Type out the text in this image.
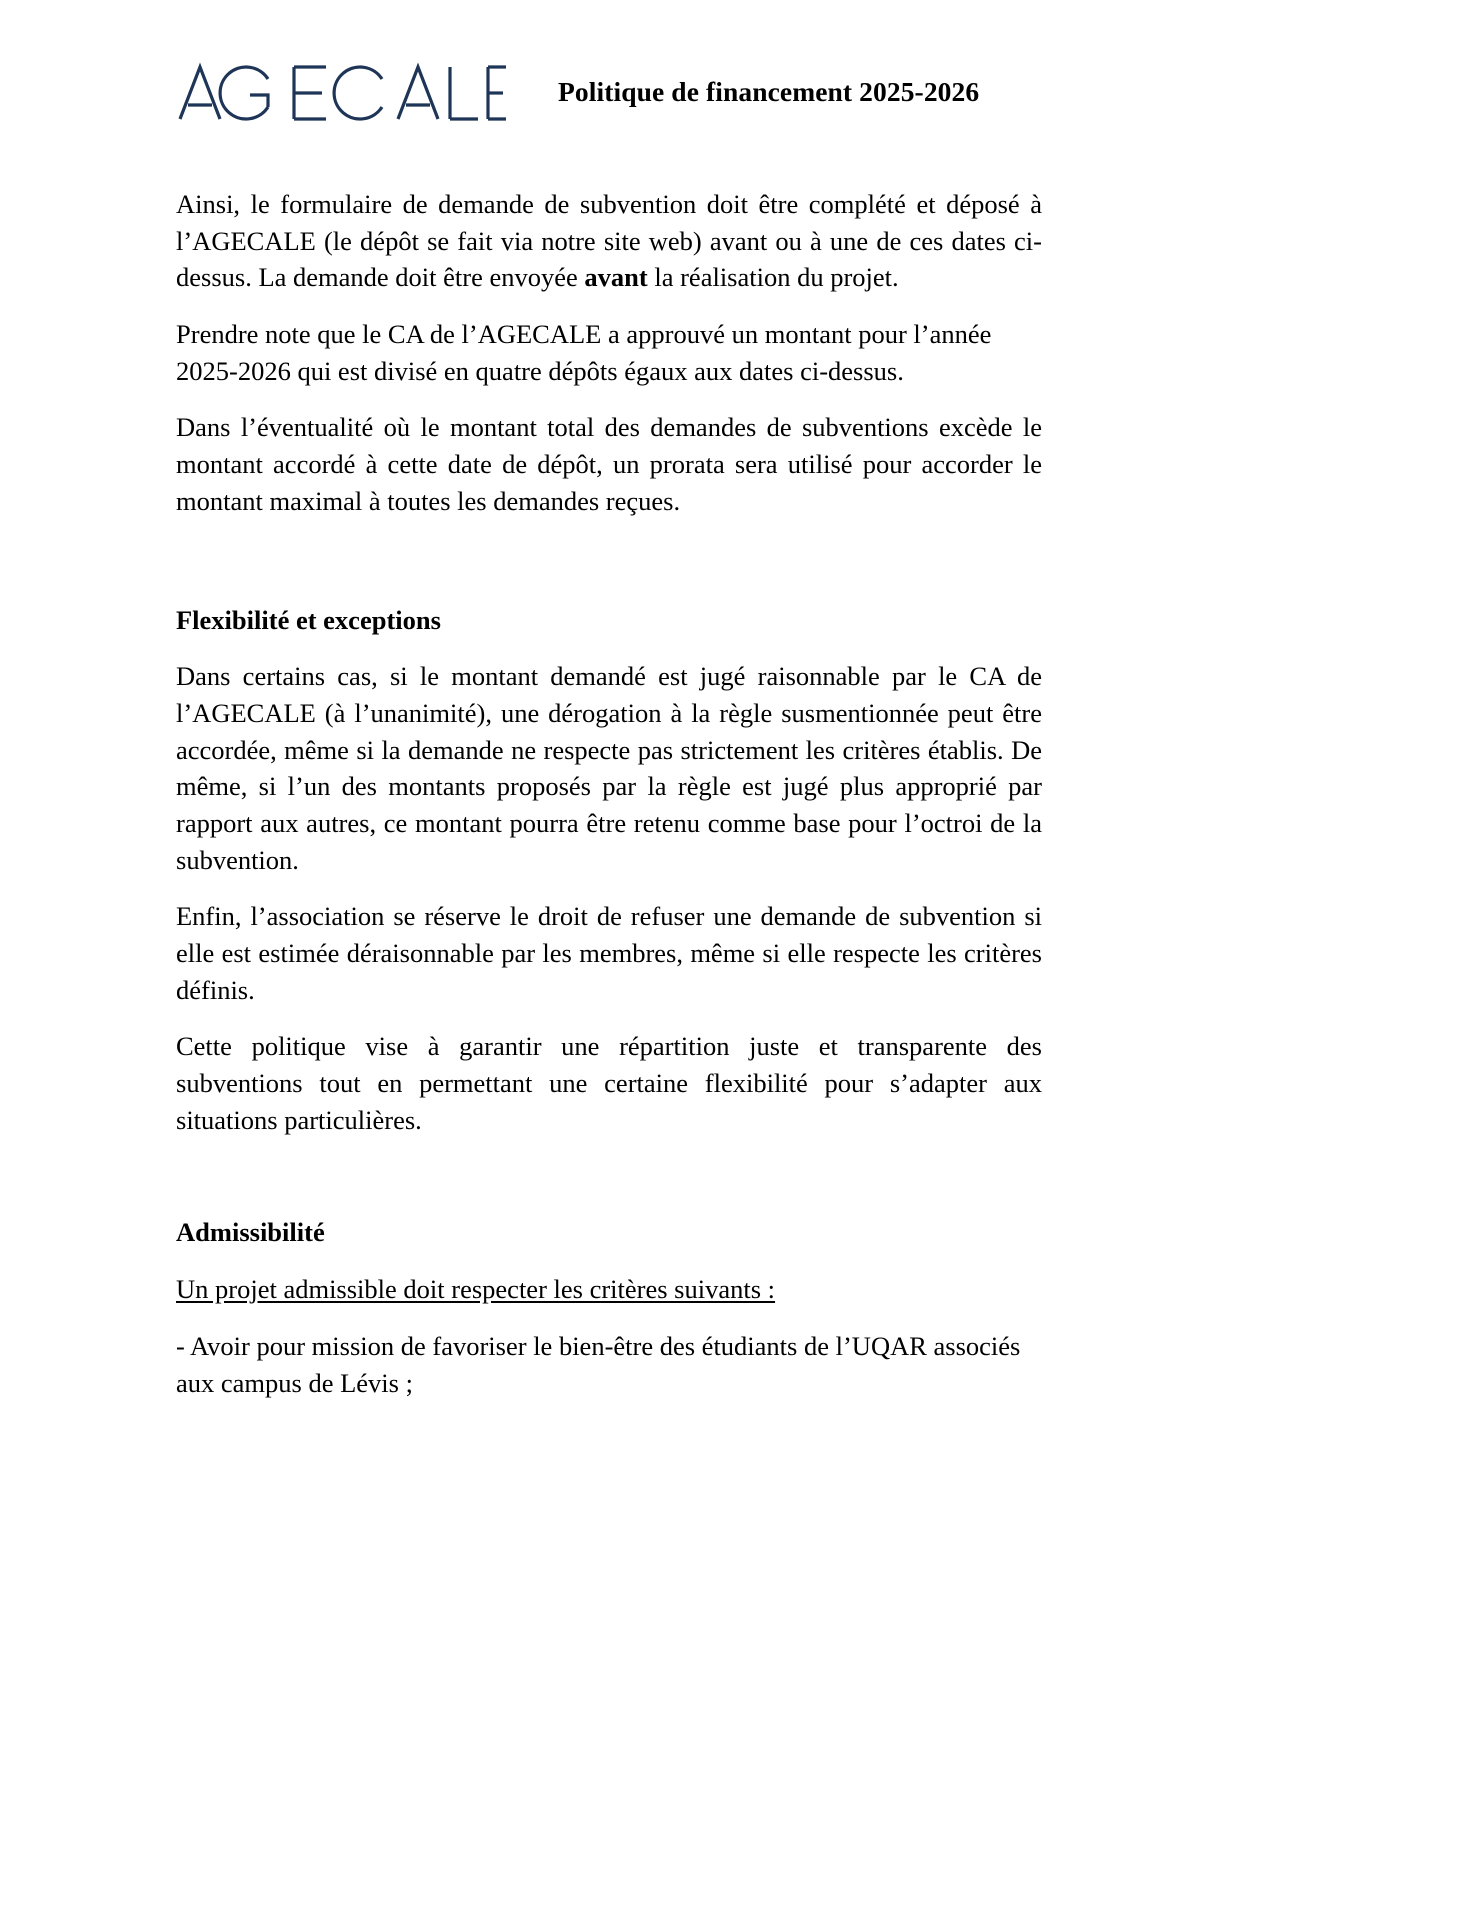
Politique de financement 2025-2026

Ainsi, le formulaire de demande de subvention doit être complété et déposé à l’AGECALE (le dépôt se fait via notre site web) avant ou à une de ces dates ci-dessus. La demande doit être envoyée avant la réalisation du projet.

Prendre note que le CA de l’AGECALE a approuvé un montant pour l’année 2025-2026 qui est divisé en quatre dépôts égaux aux dates ci-dessus.

Dans l’éventualité où le montant total des demandes de subventions excède le montant accordé à cette date de dépôt, un prorata sera utilisé pour accorder le montant maximal à toutes les demandes reçues.

Flexibilité et exceptions

Dans certains cas, si le montant demandé est jugé raisonnable par le CA de l’AGECALE (à l’unanimité), une dérogation à la règle susmentionnée peut être accordée, même si la demande ne respecte pas strictement les critères établis. De même, si l’un des montants proposés par la règle est jugé plus approprié par rapport aux autres, ce montant pourra être retenu comme base pour l’octroi de la subvention.

Enfin, l’association se réserve le droit de refuser une demande de subvention si elle est estimée déraisonnable par les membres, même si elle respecte les critères définis.

Cette politique vise à garantir une répartition juste et transparente des subventions tout en permettant une certaine flexibilité pour s’adapter aux situations particulières.

Admissibilité

Un projet admissible doit respecter les critères suivants :

- Avoir pour mission de favoriser le bien-être des étudiants de l’UQAR associés aux campus de Lévis ;
